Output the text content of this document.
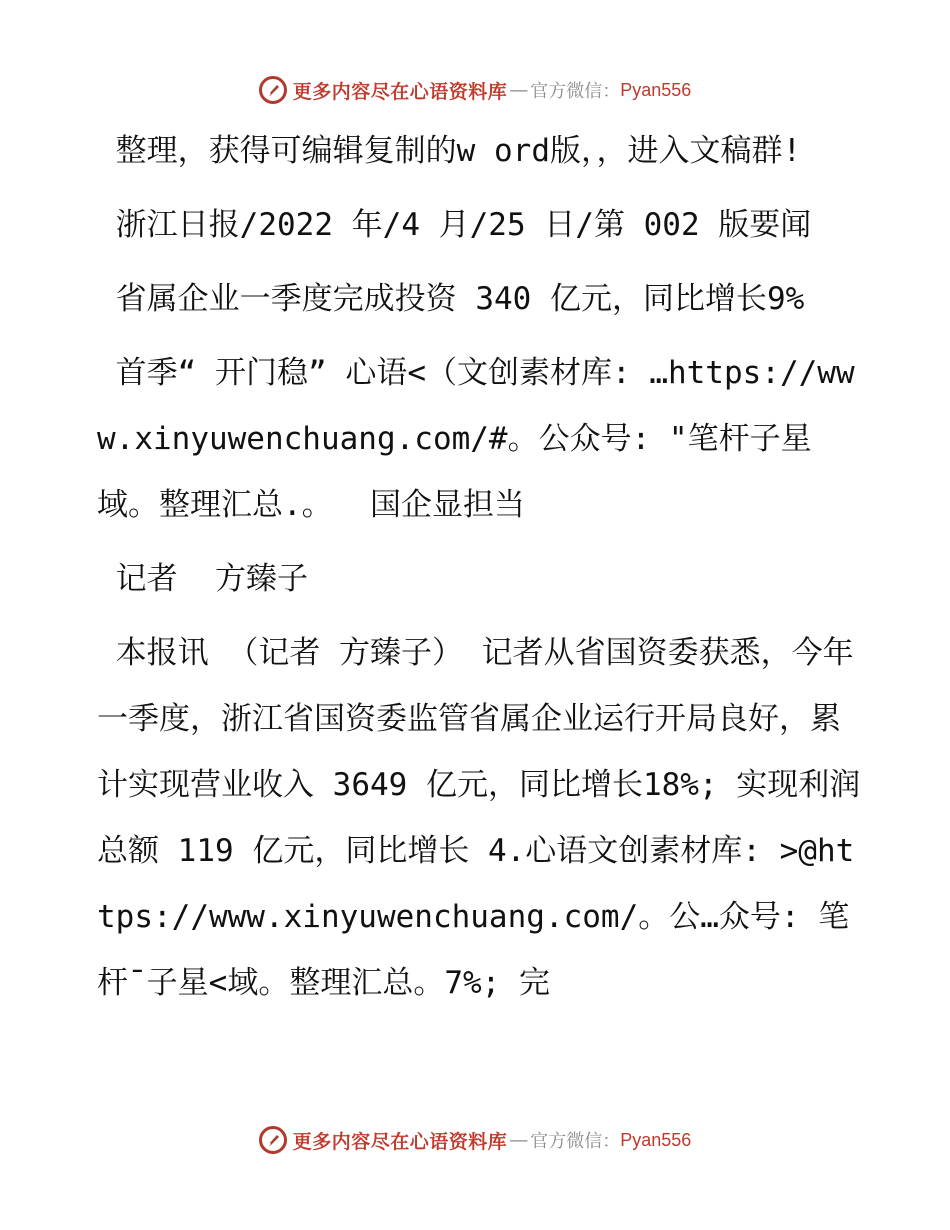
更多内容尽在心语资料库 — 官方微信： Pyan556

整理，获得可编辑复制的w ord版，，进入文稿群!

浙江日报/2022 年/4 月/25 日/第 002 版要闻

省属企业一季度完成投资 340 亿元，同比增长9%

首季“ 开门稳” 心语<（文创素材库: …https://www.xinyuwenchuang.com/#。公众号: "笔杆子星域。整理汇总.。  国企显担当

记者  方臻子

本报讯 （记者 方臻子） 记者从省国资委获悉，今年一季度，浙江省国资委监管省属企业运行开局良好，累计实现营业收入 3649 亿元，同比增长18%; 实现利润总额 119 亿元，同比增长 4.心语文创素材库: >@https://www.xinyuwenchuang.com/。公…众号: 笔杆¯子星<域。整理汇总。7%; 完

更多内容尽在心语资料库 — 官方微信： Pyan556
